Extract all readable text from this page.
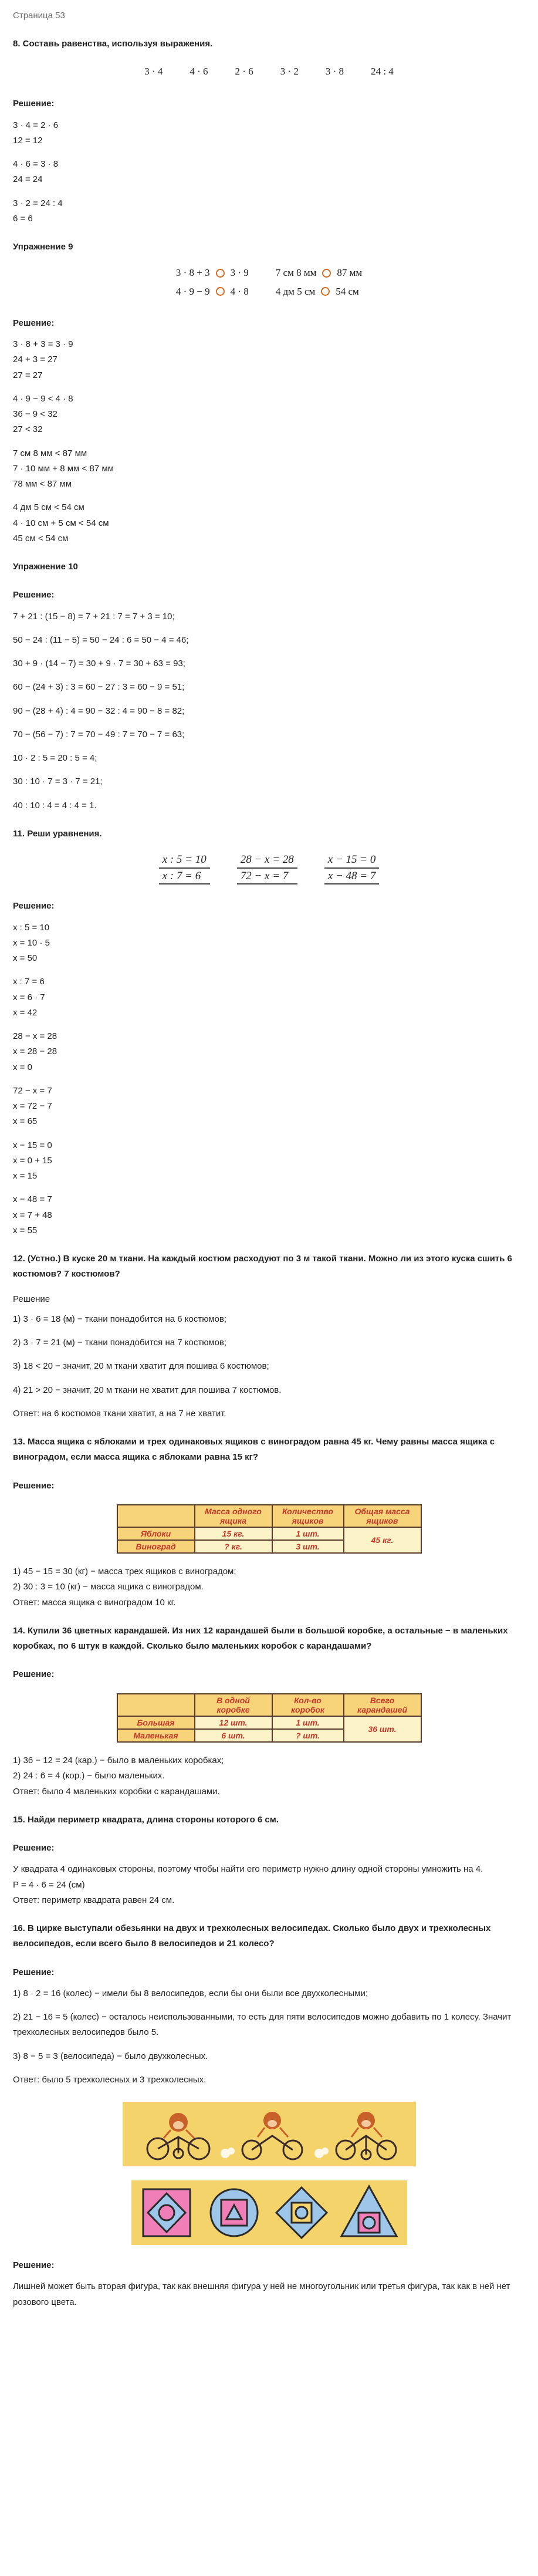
Страница 53
8. Составь равенства, используя выражения.
3 · 4	4 · 6	2 · 6	3 · 2	3 · 8	24 : 4
Решение:
3 · 4 = 2 · 6
12 = 12
4 · 6 = 3 · 8
24 = 24
3 · 2 = 24 : 4
6 = 6
Упражнение 9
3 · 8 + 3 3 · 9
4 · 9 − 9 4 · 8
7 см 8 мм 87 мм
4 дм 5 см 54 см
Решение:
3 · 8 + 3 = 3 · 9
24 + 3 = 27
27 = 27
4 · 9 − 9 < 4 · 8
36 − 9 < 32
27 < 32
7 см 8 мм < 87 мм
7 · 10 мм + 8 мм < 87 мм
78 мм < 87 мм
4 дм 5 см < 54 см
4 · 10 см + 5 см < 54 см
45 см < 54 см
Упражнение 10
Решение:
7 + 21 : (15 − 8) = 7 + 21 : 7 = 7 + 3 = 10;
50 − 24 : (11 − 5) = 50 − 24 : 6 = 50 − 4 = 46;
30 + 9 · (14 − 7) = 30 + 9 · 7 = 30 + 63 = 93;
60 − (24 + 3) : 3 = 60 − 27 : 3 = 60 − 9 = 51;
90 − (28 + 4) : 4 = 90 − 32 : 4 = 90 − 8 = 82;
70 − (56 − 7) : 7 = 70 − 49 : 7 = 70 − 7 = 63;
10 · 2 : 5 = 20 : 5 = 4;
30 : 10 · 7 = 3 · 7 = 21;
40 : 10 : 4 = 4 : 4 = 1.
11. Реши уравнения.
x : 5 = 10
x : 7 = 6
28 − x = 28
72 − x = 7
x − 15 = 0
x − 48 = 7
Решение:
x : 5 = 10
x = 10 · 5
x = 50
x : 7 = 6
x = 6 · 7
x = 42
28 − x = 28
x = 28 − 28
x = 0
72 − x = 7
x = 72 − 7
x = 65
x − 15 = 0
x = 0 + 15
x = 15
x − 48 = 7
x = 7 + 48
x = 55
12. (Устно.) В куске 20 м ткани. На каждый костюм расходуют по 3 м такой ткани. Можно ли из этого куска сшить 6 костюмов? 7 костюмов?
Решение
1) 3 · 6 = 18 (м) − ткани понадобится на 6 костюмов;
2) 3 · 7 = 21 (м) − ткани понадобится на 7 костюмов;
3) 18 < 20 − значит, 20 м ткани хватит для пошива 6 костюмов;
4) 21 > 20 − значит, 20 м ткани не хватит для пошива 7 костюмов.
Ответ: на 6 костюмов ткани хватит, а на 7 не хватит.
13. Масса ящика с яблоками и трех одинаковых ящиков с виноградом равна 45 кг. Чему равны масса ящика с виноградом, если масса ящика с яблоками равна 15 кг?
Решение:
	Масса одного ящика	Количество ящиков	Общая масса ящиков
Яблоки	15 кг.	1 шт.	45 кг.
Виноград	? кг.	3 шт.	
1) 45 − 15 = 30 (кг) − масса трех ящиков с виноградом;
2) 30 : 3 = 10 (кг) − масса ящика с виноградом.
Ответ: масса ящика с виноградом 10 кг.
14. Купили 36 цветных карандашей. Из них 12 карандашей были в большой коробке, а остальные − в маленьких коробках, по 6 штук в каждой. Сколько было маленьких коробок с карандашами?
Решение:
	В одной коробке	Кол-во коробок	Всего карандашей
Большая	12 шт.	1 шт.	36 шт.
Маленькая	6 шт.	? шт.	
1) 36 − 12 = 24 (кар.) − было в маленьких коробках;
2) 24 : 6 = 4 (кор.) − было маленьких.
Ответ: было 4 маленьких коробки с карандашами.
15. Найди периметр квадрата, длина стороны которого 6 см.
Решение:
У квадрата 4 одинаковых стороны, поэтому чтобы найти его периметр нужно длину одной стороны умножить на 4.
P = 4 · 6 = 24 (см)
Ответ: периметр квадрата равен 24 см.
16. В цирке выступали обезьянки на двух и трехколесных велосипедах. Сколько было двух и трехколесных велосипедов, если всего было 8 велосипедов и 21 колесо?
Решение:
1) 8 · 2 = 16 (колес) − имели бы 8 велосипедов, если бы они были все двухколесными;
2) 21 − 16 = 5 (колес) − осталось неиспользованными, то есть для пяти велосипедов можно добавить по 1 колесу. Значит трехколесных велосипедов было 5.
3) 8 − 5 = 3 (велосипеда) − было двухколесных.
Ответ: было 5 трехколесных и 3 трехколесных.
Решение:
Лишней может быть вторая фигура, так как внешняя фигура у ней не многоугольник или третья фигура, так как в ней нет розового цвета.
